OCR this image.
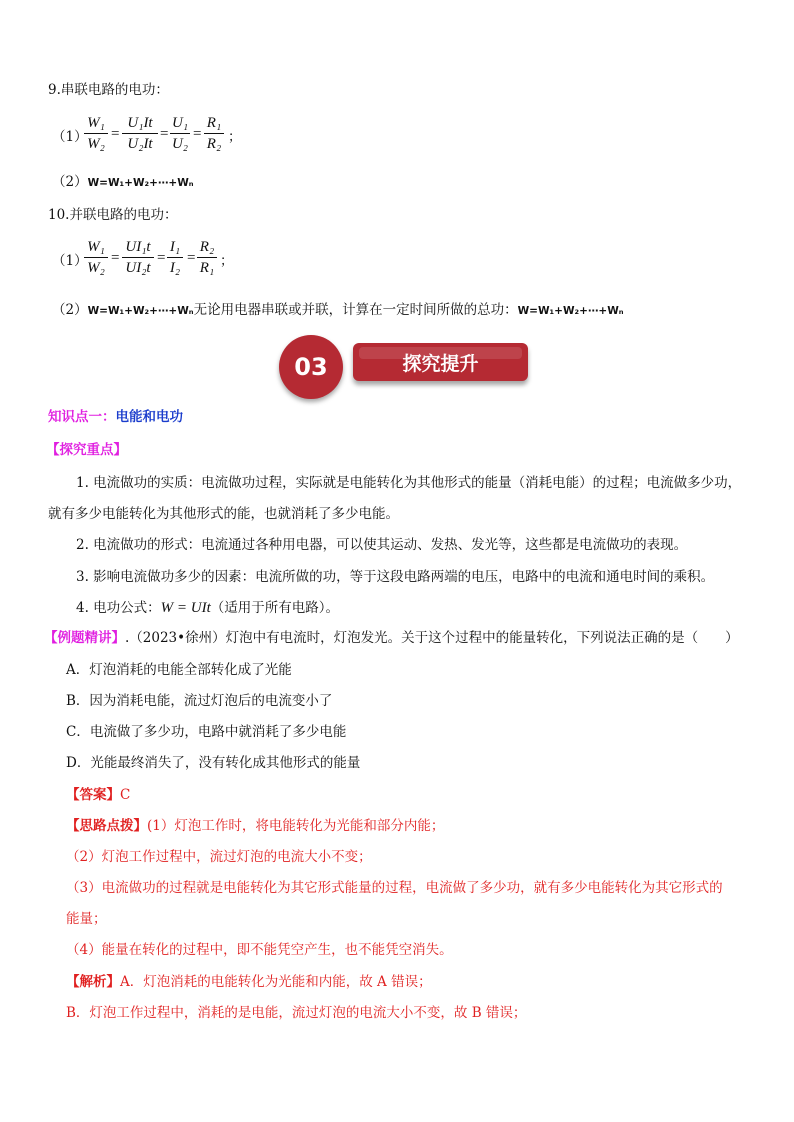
9.串联电路的电功：
（1）
$\frac{\text{W₁}}{\text{W₂}} = \frac{\text{U₁It}}{\text{U₂It}} = \frac{\text{U₁}}{\text{U₂}} = \frac{\text{R₁}}{\text{R₂}}$ ；
（2）W=W₁+W₂+⋯+Wₙ
10.并联电路的电功：
（1）
$\frac{\text{W₁}}{\text{W₂}} = \frac{\text{UI₁t}}{\text{UI₂t}} = \frac{\text{I₁}}{\text{I₂}} = \frac{\text{R₂}}{\text{R₁}}$ ；
（2）W=W₁+W₂+⋯+Wₙ无论用电器串联或并联，计算在一定时间所做的总功：W=W₁+W₂+⋯+Wₙ
03	探究提升
知识点一：电能和电功
【探究重点】
1. 电流做功的实质：电流做功过程，实际就是电能转化为其他形式的能量（消耗电能）的过程；电流做多少功，
就有多少电能转化为其他形式的能，也就消耗了多少电能。
2. 电流做功的形式：电流通过各种用电器，可以使其运动、发热、发光等，这些都是电流做功的表现。
3. 影响电流做功多少的因素：电流所做的功，等于这段电路两端的电压，电路中的电流和通电时间的乘积。
4. 电功公式：W = UIt（适用于所有电路）。
【例题精讲】.（2023•徐州）灯泡中有电流时，灯泡发光。关于这个过程中的能量转化，下列说法正确的是（　　）
A．灯泡消耗的电能全部转化成了光能
B．因为消耗电能，流过灯泡后的电流变小了
C．电流做了多少功，电路中就消耗了多少电能
D．光能最终消失了，没有转化成其他形式的能量
【答案】C
【思路点拨】(1）灯泡工作时，将电能转化为光能和部分内能；
（2）灯泡工作过程中，流过灯泡的电流大小不变；
（3）电流做功的过程就是电能转化为其它形式能量的过程，电流做了多少功，就有多少电能转化为其它形式的
能量；
（4）能量在转化的过程中，即不能凭空产生，也不能凭空消失。
【解析】A．灯泡消耗的电能转化为光能和内能，故 A 错误；
B．灯泡工作过程中，消耗的是电能，流过灯泡的电流大小不变，故 B 错误；
